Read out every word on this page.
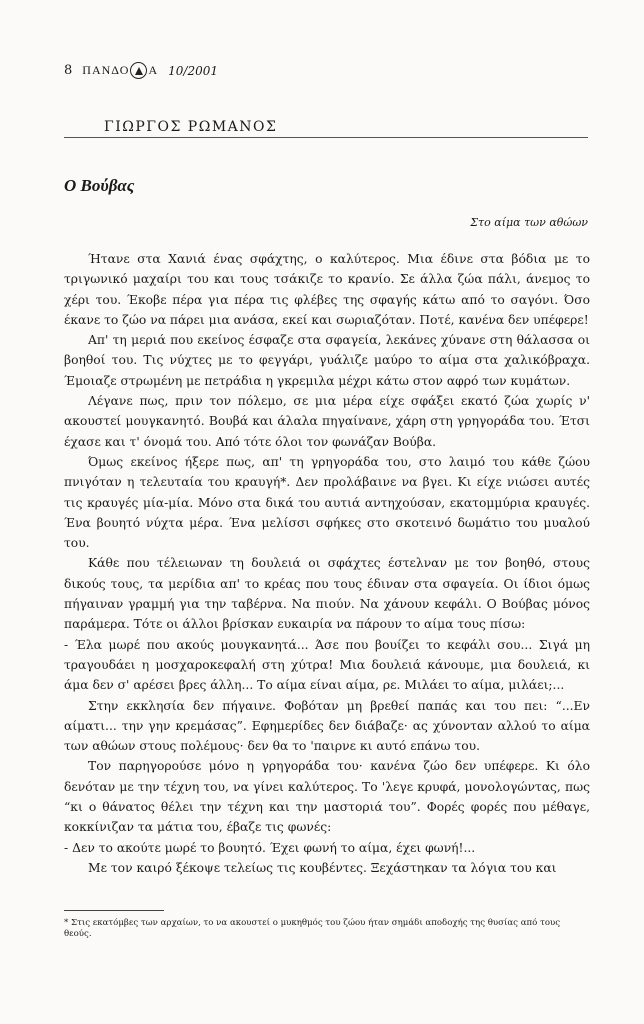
8 ΠΑΝΔΟ Α 10/2001
ΓΙΩΡΓΟΣ ΡΩΜΑΝΟΣ
Ο Βούβας
Στο αίμα των αθώων

Ήτανε στα Χανιά ένας σφάχτης, ο καλύτερος. Μια έδινε στα βόδια με το τριγωνικό μαχαίρι του και τους τσάκιζε το κρανίο. Σε άλλα ζώα πάλι, άνεμος το χέρι του. Έκοβε πέρα για πέρα τις φλέβες της σφαγής κάτω από το σαγόνι. Όσο έκανε το ζώο να πάρει μια ανάσα, εκεί και σωριαζόταν. Ποτέ, κανένα δεν υπέφερε!

Απ' τη μεριά που εκείνος έσφαζε στα σφαγεία, λεκάνες χύνανε στη θάλασσα οι βοηθοί του. Τις νύχτες με το φεγγάρι, γυάλιζε μαύρο το αίμα στα χαλικόβραχα. Έμοιαζε στρωμένη με πετράδια η γκρεμιλα μέχρι κάτω στον αφρό των κυμάτων.

Λέγανε πως, πριν τον πόλεμο, σε μια μέρα είχε σφάξει εκατό ζώα χωρίς ν' ακουστεί μουγκανητό. Βουβά και άλαλα πηγαίνανε, χάρη στη γρηγοράδα του. Έτσι έχασε και τ' όνομά του. Από τότε όλοι τον φωνάζαν Βούβα.

Όμως εκείνος ήξερε πως, απ' τη γρηγοράδα του, στο λαιμό του κάθε ζώου πνιγόταν η τελευταία του κραυγή*. Δεν προλάβαινε να βγει. Κι είχε νιώσει αυτές τις κραυγές μία-μία. Μόνο στα δικά του αυτιά αντηχούσαν, εκατομμύρια κραυγές. Ένα βουητό νύχτα μέρα. Ένα μελίσσι σφήκες στο σκοτεινό δωμάτιο του μυαλού του.

Κάθε που τέλειωναν τη δουλειά οι σφάχτες έστελναν με τον βοηθό, στους δικούς τους, τα μερίδια απ' το κρέας που τους έδιναν στα σφαγεία. Οι ίδιοι όμως πήγαιναν γραμμή για την ταβέρνα. Να πιούν. Να χάνουν κεφάλι. Ο Βούβας μόνος παράμερα. Τότε οι άλλοι βρίσκαν ευκαιρία να πάρουν το αίμα τους πίσω:

- Έλα μωρέ που ακούς μουγκανητά... Άσε που βουίζει το κεφάλι σου... Σιγά μη τραγουδάει η μοσχαροκεφαλή στη χύτρα! Μια δουλειά κάνουμε, μια δουλειά, κι άμα δεν σ' αρέσει βρες άλλη... Το αίμα είναι αίμα, ρε. Μιλάει το αίμα, μιλάει;...

Στην εκκλησία δεν πήγαινε. Φοβόταν μη βρεθεί παπάς και του πει: “...Εν αίματι... την γην κρεμάσας”. Εφημερίδες δεν διάβαζε· ας χύνονταν αλλού το αίμα των αθώων στους πολέμους· δεν θα το 'παιρνε κι αυτό επάνω του.

Τον παρηγορούσε μόνο η γρηγοράδα του· κανένα ζώο δεν υπέφερε. Κι όλο δενόταν με την τέχνη του, να γίνει καλύτερος. Το 'λεγε κρυφά, μονολογώντας, πως “κι ο θάνατος θέλει την τέχνη και την μαστοριά του”. Φορές φορές που μέθαγε, κοκκίνιζαν τα μάτια του, έβαζε τις φωνές:

- Δεν το ακούτε μωρέ το βουητό. Έχει φωνή το αίμα, έχει φωνή!...

Με τον καιρό ξέκοψε τελείως τις κουβέντες. Ξεχάστηκαν τα λόγια του και

* Στις εκατόμβες των αρχαίων, το να ακουστεί ο μυκηθμός του ζώου ήταν σημάδι αποδοχής της θυσίας από τους θεούς.
